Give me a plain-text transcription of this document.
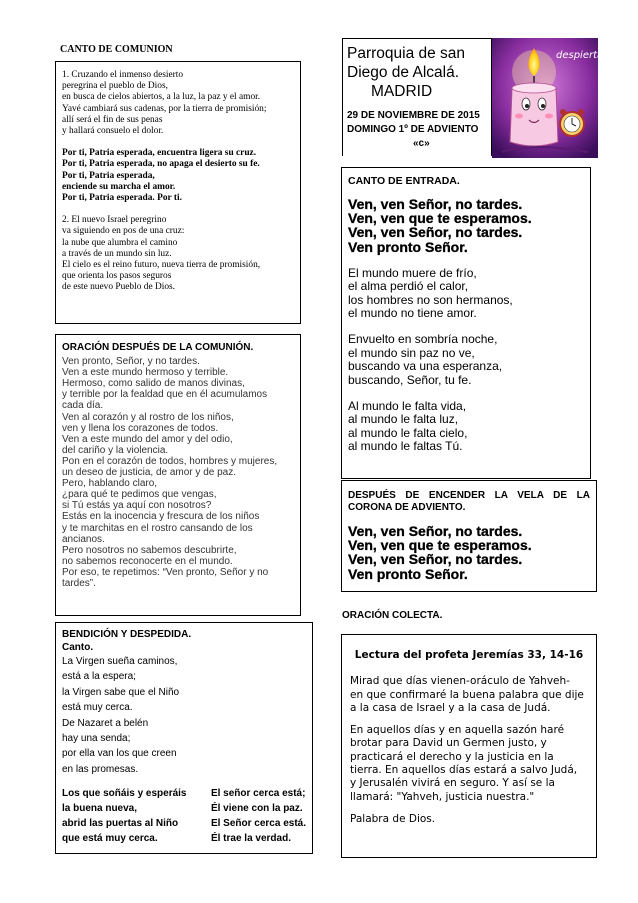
CANTO DE COMUNION
1. Cruzando el inmenso desierto
peregrina el pueblo de Dios,
en busca de cielos abiertos, a la luz, la paz y el amor.
Yavé cambiará sus cadenas, por la tierra de promisión;
allí será el fin de sus penas
y hallará consuelo el dolor.
Por ti, Patria esperada, encuentra ligera su cruz.
Por ti, Patria esperada, no apaga el desierto su fe.
Por ti, Patria esperada,
enciende su marcha el amor.
Por ti, Patria esperada. Por ti.
2. El nuevo Israel peregrino
va siguiendo en pos de una cruz:
la nube que alumbra el camino
a través de un mundo sin luz.
El cielo es el reino futuro, nueva tierra de promisión,
que orienta los pasos seguros
de este nuevo Pueblo de Dios.
ORACIÓN DESPUÉS DE LA COMUNIÓN.
Ven pronto, Señor, y no tardes.
Ven a este mundo hermoso y terrible.
Hermoso, como salido de manos divinas,
y terrible por la fealdad que en él acumulamos
cada día.
Ven al corazón y al rostro de los niños,
ven y llena los corazones de todos.
Ven a este mundo del amor y del odio,
del cariño y la violencia.
Pon en el corazón de todos, hombres y mujeres,
un deseo de justicia, de amor y de paz.
Pero, hablando claro,
¿para qué te pedimos que vengas,
si Tú estás ya aquí con nosotros?
Estás en la inocencia y frescura de los niños
y te marchitas en el rostro cansando de los
ancianos.
Pero nosotros no sabemos descubrirte,
no sabemos reconocerte en el mundo.
Por eso, te repetimos: “Ven pronto, Señor y no
tardes”.
BENDICIÓN Y DESPEDIDA.
Canto.
La Virgen sueña caminos,
está a la espera;
la Virgen sabe que el Niño
está muy cerca.
De Nazaret a belén
hay una senda;
por ella van los que creen
en las promesas.
Los que soñáis y esperáis
la buena nueva,
abrid las puertas al Niño
que está muy cerca.
El señor cerca está;
Él viene con la paz.
El Señor cerca está.
Él trae la verdad.
Parroquia de san
Diego de Alcalá.
MADRID
29 DE NOVIEMBRE DE 2015
DOMINGO 1º DE ADVIENTO
«c»
despierta
CANTO DE ENTRADA.
Ven, ven Señor, no tardes.
Ven, ven que te esperamos.
Ven, ven Señor, no tardes.
Ven pronto Señor.
El mundo muere de frío,
el alma perdió el calor,
los hombres no son hermanos,
el mundo no tiene amor.
Envuelto en sombría noche,
el mundo sin paz no ve,
buscando va una esperanza,
buscando, Señor, tu fe.
Al mundo le falta vida,
al mundo le falta luz,
al mundo le falta cielo,
al mundo le faltas Tú.
DESPUÉS DE ENCENDER LA VELA DE LA
CORONA DE ADVIENTO.
Ven, ven Señor, no tardes.
Ven, ven que te esperamos.
Ven, ven Señor, no tardes.
Ven pronto Señor.
ORACIÓN COLECTA.
Lectura del profeta Jeremías 33, 14-16
Mirad que días vienen-oráculo de Yahveh-
en que confirmaré la buena palabra que dije
a la casa de Israel y a la casa de Judá.
En aquellos días y en aquella sazón haré
brotar para David un Germen justo, y
practicará el derecho y la justicia en la
tierra. En aquellos días estará a salvo Judá,
y Jerusalén vivirá en seguro. Y así se la
llamará: "Yahveh, justicia nuestra."
Palabra de Dios.
